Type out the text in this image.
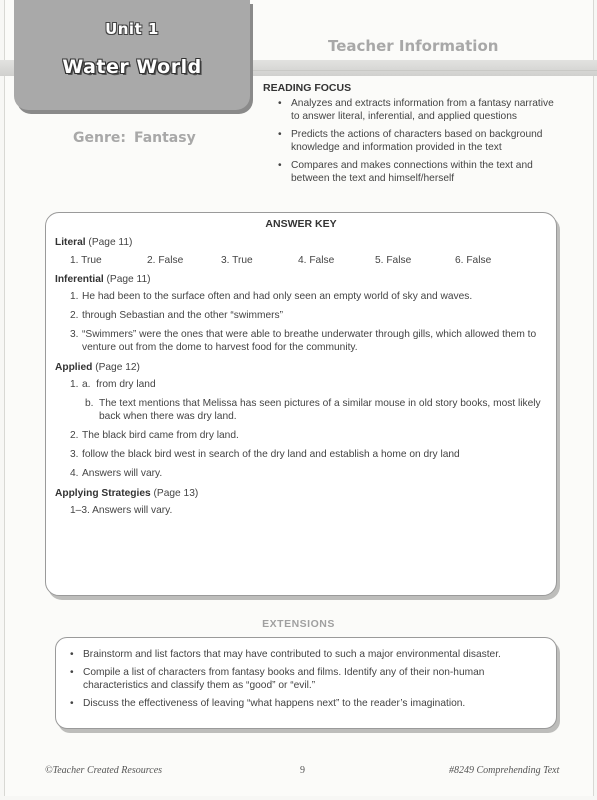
Unit 1
Water World
Teacher Information
Genre: Fantasy
READING FOCUS
• Analyzes and extracts information from a fantasy narrative to answer literal, inferential, and applied questions
• Predicts the actions of characters based on background knowledge and information provided in the text
• Compares and makes connections within the text and between the text and himself/herself
ANSWER KEY

Literal (Page 11)

1. True	2. False	3. True	4. False	5. False	6. False

Inferential (Page 11)

1. He had been to the surface often and had only seen an empty world of sky and waves.
2. through Sebastian and the other “swimmers”
3. “Swimmers” were the ones that were able to breathe underwater through gills, which allowed them to venture out from the dome to harvest food for the community.

Applied (Page 12)

1. a. from dry land
b. The text mentions that Melissa has seen pictures of a similar mouse in old story books, most likely back when there was dry land.
2. The black bird came from dry land.
3. follow the black bird west in search of the dry land and establish a home on dry land
4. Answers will vary.

Applying Strategies (Page 13)

1–3. Answers will vary.
EXTENSIONS
• Brainstorm and list factors that may have contributed to such a major environmental disaster.
• Compile a list of characters from fantasy books and films. Identify any of their non-human characteristics and classify them as “good” or “evil.”
• Discuss the effectiveness of leaving “what happens next” to the reader’s imagination.
©Teacher Created Resources	9	#8249 Comprehending Text
